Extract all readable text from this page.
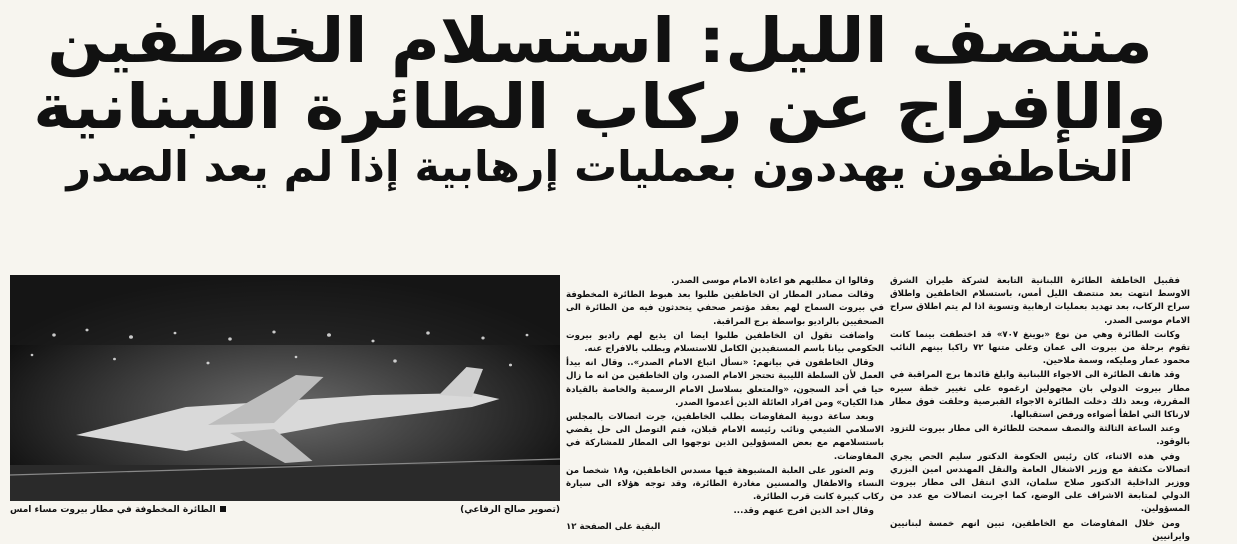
منتصف الليل: استسلام الخاطفين
والإفراج عن ركاب الطائرة اللبنانية
الخاطفون يهددون بعمليات إرهابية إذا لم يعد الصدر

فقبيل الخاطفة الطائرة اللبنانية التابعة لشركة طيران الشرق الاوسط انتهت بعد منتصف الليل أمس، باستسلام الخاطفين واطلاق سراح الركاب، بعد تهديد بعمليات ارهابية وتسوية اذا لم يتم اطلاق سراح الامام موسى الصدر.

وكانت الطائرة وهي من نوع «بوينغ ٧٠٧» قد اختطفت بينما كانت تقوم برحلة من بيروت الى عمان وعلى متنها ٧٢ راكبا بينهم النائب محمود عمار ومليكه، وسمة ملاحين.

وقد هاتف الطائرة الى الاجواء اللبنانية وابلغ قائدها برج المراقبة في مطار بيروت الدولي بان مجهولين ارغموه على تغيير خطة سيره المقررة، وبعد ذلك دخلت الطائرة الاجواء القبرصية وحلقت فوق مطار لارناكا التي اطفأ أضواءه ورفض استقبالها.

وعند الساعة الثالثة والنصف سمحت للطائرة الى مطار بيروت للتزود بالوقود.

وفي هذه الاثناء، كان رئيس الحكومة الدكتور سليم الحص يجري اتصالات مكثفة مع وزير الاشغال العامة والنقل المهندس امين البزري ووزير الداخلية الدكتور صلاح سلمان، الذي انتقل الى مطار بيروت الدولي لمتابعة الاشراف على الوضع، كما اجريت اتصالات مع عدد من المسؤولين.

ومن خلال المفاوضات مع الخاطفين، تبين انهم خمسة لبنانيين وايرانيين

وقالوا ان مطلبهم هو اعادة الامام موسى الصدر.

وقالت مصادر المطار ان الخاطفين طلبوا بعد هبوط الطائرة المخطوفة في بيروت السماح لهم بعقد مؤتمر صحفي يتحدثون فيه من الطائرة الى الصحفيين بالراديو بواسطة برج المراقبة.

واضافت تقول ان الخاطفين طلبوا ايضا ان يذيع لهم راديو بيروت الحكومي بيانا باسم المستفيدين الكامل للاستسلام ويطلب بالافراج عنه.

وقال الخاطفون في بيانهم: «نسأل اتباع الامام الصدر».. وقال انه بيدأ العمل لأن السلطة الليبية تحتجز الامام الصدر، وان الخاطفين من انه ما زال حيا في أحد السجون، «والمتعلق بسلاسل الامام الرسمية والخاصة بالقيادة هذا الكيان» ومن افراد العائلة الذين أعدموا الصدر.

وبعد ساعة دوبية المفاوضات بطلب الخاطفين، جرت اتصالات بالمجلس الاسلامي الشيعي ونائب رئيسه الامام قبلان، فتم التوصل الى حل يقضي باستسلامهم مع بعض المسؤولين الذين توجهوا الى المطار للمشاركة في المفاوضات.

وتم العثور على العلبة المشبوهة فيها مسدس الخاطفين، و١٨ شخصا من النساء والاطفال والمسنين مغادرة الطائرة، وقد توجه هؤلاء الى سيارة ركاب كبيرة كانت قرب الطائرة.

وقال احد الذين افرج عنهم وقد...

البقية على الصفحة ١٢
الطائرة المخطوفة في مطار بيروت مساء امس	(تصوير صالح الرفاعي)
